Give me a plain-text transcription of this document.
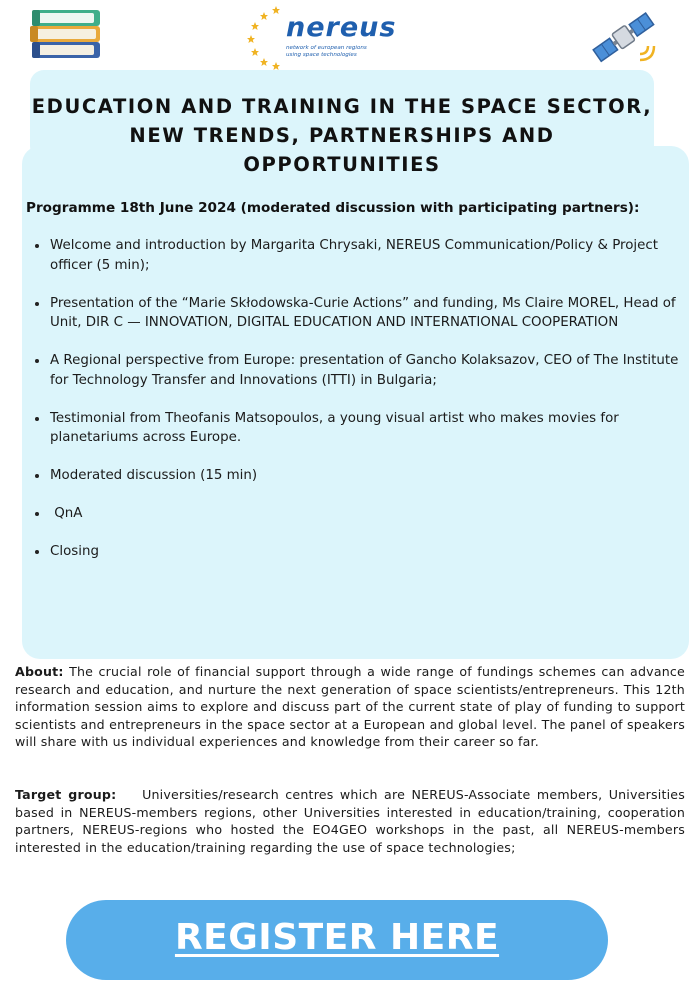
nereus
network of european regions
using space technologies
EDUCATION AND TRAINING IN THE SPACE SECTOR,
NEW TRENDS, PARTNERSHIPS AND OPPORTUNITIES

Programme 18th June 2024 (moderated discussion with participating partners):

Welcome and introduction by Margarita Chrysaki, NEREUS Communication/Policy & Project officer (5 min);
Presentation of the “Marie Skłodowska-Curie Actions” and funding, Ms Claire MOREL, Head of Unit, DIR C — INNOVATION, DIGITAL EDUCATION AND INTERNATIONAL COOPERATION
A Regional perspective from Europe: presentation of Gancho Kolaksazov, CEO of The Institute for Technology Transfer and Innovations (ITTI) in Bulgaria;
Testimonial from Theofanis Matsopoulos, a young visual artist who makes movies for planetariums across Europe.
Moderated discussion (15 min)
QnA
Closing

About: The crucial role of financial support through a wide range of fundings schemes can advance research and education, and nurture the next generation of space scientists/entrepreneurs. This 12th information session aims to explore and discuss part of the current state of play of funding to support scientists and entrepreneurs in the space sector at a European and global level. The panel of speakers will share with us individual experiences and knowledge from their career so far.

Target group:    Universities/research centres which are NEREUS-Associate members, Universities based in NEREUS-members regions, other Universities interested in education/training, cooperation partners, NEREUS-regions who hosted the EO4GEO workshops in the past, all NEREUS-members interested in the education/training regarding the use of space technologies;

REGISTER HERE
